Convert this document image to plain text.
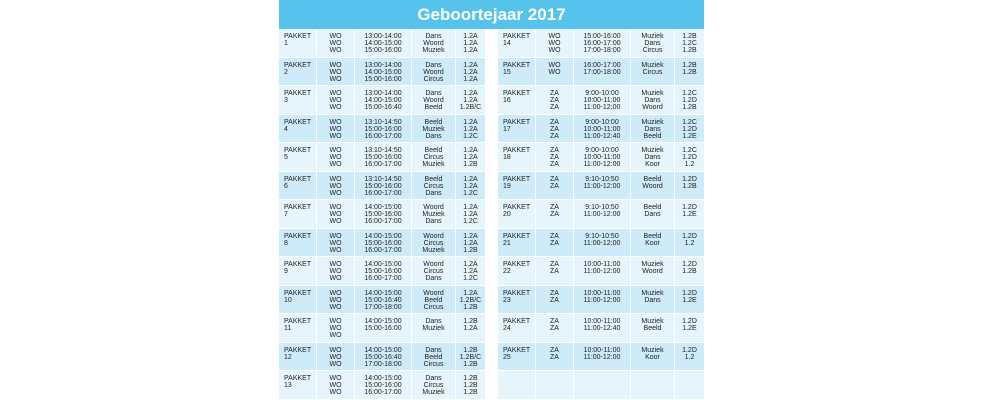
Geboortejaar 2017
PAKKET
1
WO
WO
WO
13:00-14:00
14:00-15:00
15:00-16:00
Dans
Woord
Muziek
1.2A
1.2A
1.2A
PAKKET
2
WO
WO
WO
13:00-14:00
14:00-15:00
15:00-16:00
Dans
Woord
Circus
1.2A
1.2A
1.2A
PAKKET
3
WO
WO
WO
13:00-14:00
14:00-15:00
15:00-16:40
Dans
Woord
Beeld
1.2A
1.2A
1.2B/C
PAKKET
4
WO
WO
WO
13:10-14:50
15:00-16:00
16:00-17:00
Beeld
Muziek
Dans
1.2A
1.2A
1.2C
PAKKET
5
WO
WO
WO
13:10-14:50
15:00-16:00
16:00-17:00
Beeld
Circus
Muziek
1.2A
1.2A
1.2B
PAKKET
6
WO
WO
WO
13:10-14:50
15:00-16:00
16:00-17:00
Beeld
Circus
Dans
1.2A
1.2A
1.2C
PAKKET
7
WO
WO
WO
14:00-15:00
15:00-16:00
16:00-17:00
Woord
Muziek
Dans
1.2A
1.2A
1.2C
PAKKET
8
WO
WO
WO
14:00-15:00
15:00-16:00
16:00-17:00
Woord
Circus
Muziek
1.2A
1.2A
1.2B
PAKKET
9
WO
WO
WO
14:00-15:00
15:00-16:00
16:00-17:00
Woord
Circus
Dans
1.2A
1.2A
1.2C
PAKKET
10
WO
WO
WO
14:00-15:00
15:00-16:40
17:00-18:00
Woord
Beeld
Circus
1.2A
1.2B/C
1.2B
PAKKET
11
WO
WO
WO
14:00-15:00
15:00-16:00

Dans
Muziek

1.2B
1.2A

PAKKET
12
WO
WO
WO
14:00-15:00
15:00-16:40
17:00-18:00
Dans
Beeld
Circus
1.2B
1.2B/C
1.2B
PAKKET
13
WO
WO
WO
14:00-15:00
15:00-16:00
16:00-17:00
Dans
Circus
Muziek
1.2B
1.2B
1.2B
PAKKET
14
WO
WO
WO
15:00-16:00
16:00-17:00
17:00-18:00
Muziek
Dans
Circus
1.2B
1.2C
1.2B
PAKKET
15
WO
WO

16:00-17:00
17:00-18:00

Muziek
Circus

1.2B
1.2B

PAKKET
16
ZA
ZA
ZA
9:00-10:00
10:00-11:00
11:00-12:00
Muziek
Dans
Woord
1.2C
1.2D
1.2B
PAKKET
17
ZA
ZA
ZA
9:00-10:00
10:00-11:00
11:00-12:40
Muziek
Dans
Beeld
1.2C
1.2D
1.2E
PAKKET
18
ZA
ZA
ZA
9:00-10:00
10:00-11:00
11:00-12:00
Muziek
Dans
Koor
1.2C
1.2D
1.2
PAKKET
19
ZA
ZA

9:10-10:50
11:00-12:00

Beeld
Woord

1.2D
1.2B

PAKKET
20
ZA
ZA

9:10-10:50
11:00-12:00

Beeld
Dans

1.2D
1.2E

PAKKET
21
ZA
ZA

9:10-10:50
11:00-12:00

Beeld
Koor

1.2D
1.2

PAKKET
22
ZA
ZA

10:00-11:00
11:00-12:00

Muziek
Woord

1.2D
1.2B

PAKKET
23
ZA
ZA

10:00-11:00
11:00-12:00

Muziek
Dans

1.2D
1.2E

PAKKET
24
ZA
ZA

10:00-11:00
11:00-12:40

Muziek
Beeld

1.2D
1.2E

PAKKET
25
ZA
ZA

10:00-11:00
11:00-12:00

Muziek
Koor

1.2D
1.2
